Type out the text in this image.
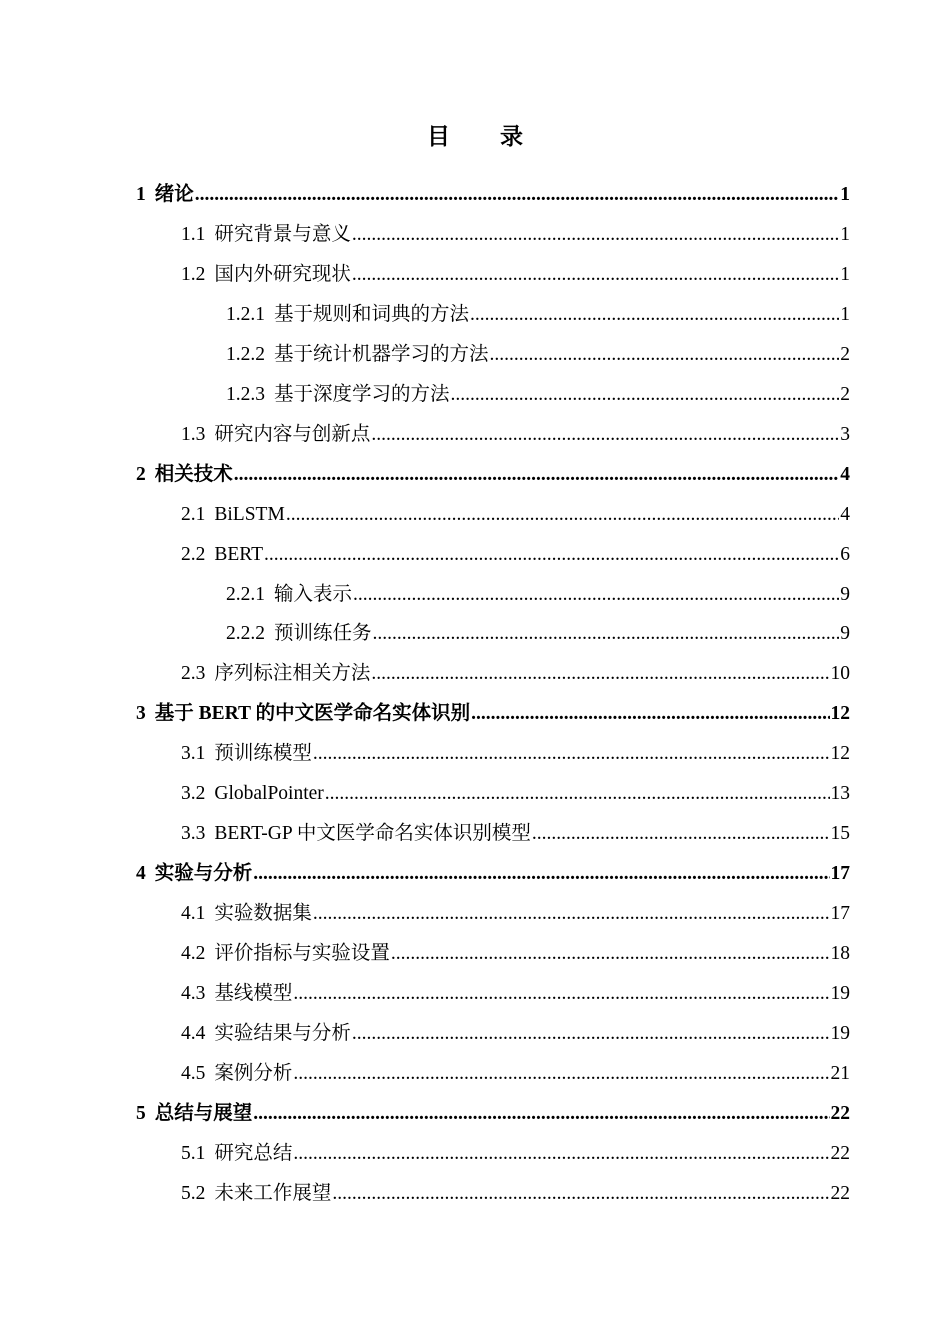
目 录
1 绪论 .....	1
1.1 研究背景与意义 .....	1
1.2 国内外研究现状 .....	1
1.2.1 基于规则和词典的方法 .....	1
1.2.2 基于统计机器学习的方法 .....	2
1.2.3 基于深度学习的方法 .....	2
1.3 研究内容与创新点 .....	3
2 相关技术 .....	4
2.1 BiLSTM .....	4
2.2 BERT .....	6
2.2.1 输入表示 .....	9
2.2.2 预训练任务 .....	9
2.3 序列标注相关方法 .....	10
3 基于 BERT 的中文医学命名实体识别 .....	12
3.1 预训练模型 .....	12
3.2 GlobalPointer .....	13
3.3 BERT-GP 中文医学命名实体识别模型 .....	15
4 实验与分析 .....	17
4.1 实验数据集 .....	17
4.2 评价指标与实验设置 .....	18
4.3 基线模型 .....	19
4.4 实验结果与分析 .....	19
4.5 案例分析 .....	21
5 总结与展望 .....	22
5.1 研究总结 .....	22
5.2 未来工作展望 .....	22
